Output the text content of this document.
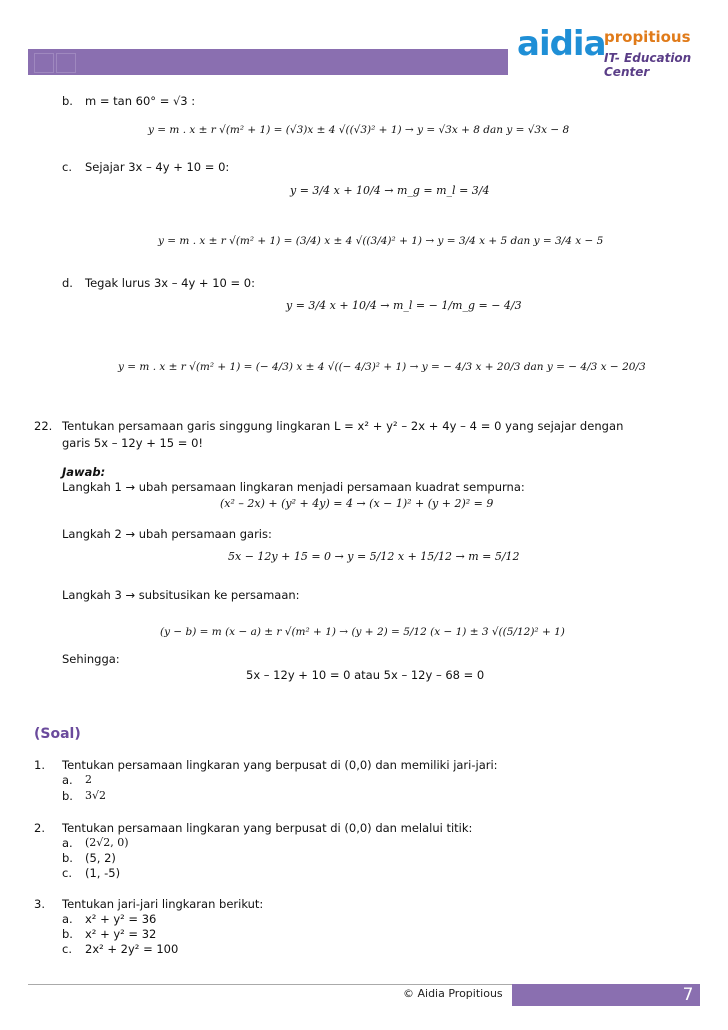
aidia
propitious
IT- Education Center
b. m = tan 60° = √3 :
y = m . x ± r √(m² + 1) = (√3)x ± 4 √((√3)² + 1) → y = √3x + 8 dan y = √3x − 8
c. Sejajar 3x – 4y + 10 = 0:
y = 3/4 x + 10/4 → m_g = m_l = 3/4
y = m . x ± r √(m² + 1) = (3/4) x ± 4 √((3/4)² + 1) → y = 3/4 x + 5 dan y = 3/4 x − 5
d. Tegak lurus 3x – 4y + 10 = 0:
y = 3/4 x + 10/4 → m_l = − 1/m_g = − 4/3
y = m . x ± r √(m² + 1) = (− 4/3) x ± 4 √((− 4/3)² + 1) → y = − 4/3 x + 20/3 dan y = − 4/3 x − 20/3
22. Tentukan persamaan garis singgung lingkaran L = x² + y² – 2x + 4y – 4 = 0 yang sejajar dengan
garis 5x – 12y + 15 = 0!
Jawab:
Langkah 1 → ubah persamaan lingkaran menjadi persamaan kuadrat sempurna:
(x² – 2x) + (y² + 4y) = 4 → (x − 1)² + (y + 2)² = 9
Langkah 2 → ubah persamaan garis:
5x − 12y + 15 = 0 → y = 5/12 x + 15/12 → m = 5/12
Langkah 3 → subsitusikan ke persamaan:
(y − b) = m (x − a) ± r √(m² + 1) → (y + 2) = 5/12 (x − 1) ± 3 √((5/12)² + 1)
Sehingga:
5x – 12y + 10 = 0 atau 5x – 12y – 68 = 0
(Soal)
1. Tentukan persamaan lingkaran yang berpusat di (0,0) dan memiliki jari-jari:
a. 2
b. 3√2
2. Tentukan persamaan lingkaran yang berpusat di (0,0) dan melalui titik:
a. (2√2, 0)
b. (5, 2)
c. (1, -5)
3. Tentukan jari-jari lingkaran berikut:
a. x² + y² = 36
b. x² + y² = 32
c. 2x² + 2y² = 100
© Aidia Propitious	7
